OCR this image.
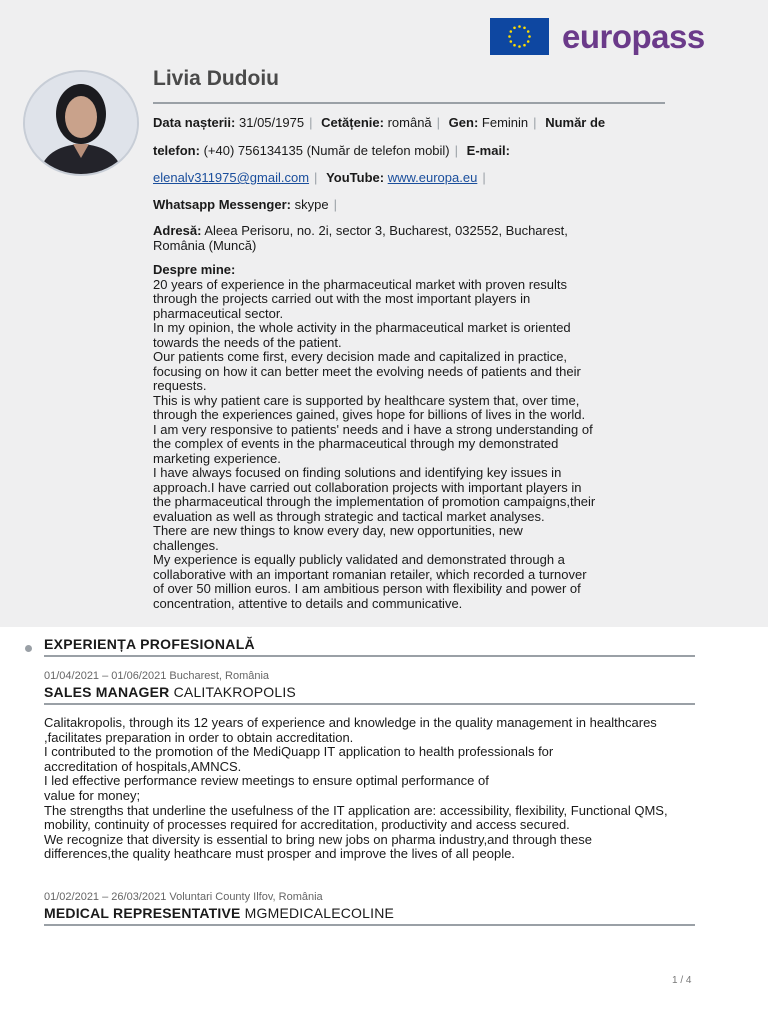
europass
Livia Dudoiu
Data nașterii: 31/05/1975 | Cetățenie: română | Gen: Feminin | Număr de
telefon: (+40) 756134135 (Număr de telefon mobil) | E-mail:
elenalv311975@gmail.com | YouTube: www.europa.eu |
Whatsapp Messenger: skype |
Adresă: Aleea Perisoru, no. 2i, sector 3, Bucharest, 032552, Bucharest,
România (Muncă)
Despre mine:
20 years of experience in the pharmaceutical market with proven results
through the projects carried out with the most important players in
pharmaceutical sector.
In my opinion, the whole activity in the pharmaceutical market is oriented
towards the needs of the patient.
Our patients come first, every decision made and capitalized in practice,
focusing on how it can better meet the evolving needs of patients and their
requests.
This is why patient care is supported by healthcare system that, over time,
through the experiences gained, gives hope for billions of lives in the world.
I am very responsive to patients' needs and i have a strong understanding of
the complex of events in the pharmaceutical through my demonstrated
marketing experience.
I have always focused on finding solutions and identifying key issues in
approach.I have carried out collaboration projects with important players in
the pharmaceutical through the implementation of promotion campaigns,their
evaluation as well as through strategic and tactical market analyses.
There are new things to know every day, new opportunities, new
challenges.
My experience is equally publicly validated and demonstrated through a
collaborative with an important romanian retailer, which recorded a turnover
of over 50 million euros. I am ambitious person with flexibility and power of
concentration, attentive to details and communicative.
EXPERIENȚA PROFESIONALĂ
01/04/2021 – 01/06/2021 Bucharest, România
SALES MANAGER CALITAKROPOLIS
Calitakropolis, through its 12 years of experience and knowledge in the quality management in healthcares
,facilitates preparation in order to obtain accreditation.
I contributed to the promotion of the MediQuapp IT application to health professionals for
accreditation of hospitals,AMNCS.
I led effective performance review meetings to ensure optimal performance of
value for money;
The strengths that underline the usefulness of the IT application are: accessibility, flexibility, Functional QMS,
mobility, continuity of processes required for accreditation, productivity and access secured.
We recognize that diversity is essential to bring new jobs on pharma industry,and through these
differences,the quality heathcare must prosper and improve the lives of all people.
01/02/2021 – 26/03/2021 Voluntari County Ilfov, România
MEDICAL REPRESENTATIVE MGMEDICALECOLINE
1 / 4
